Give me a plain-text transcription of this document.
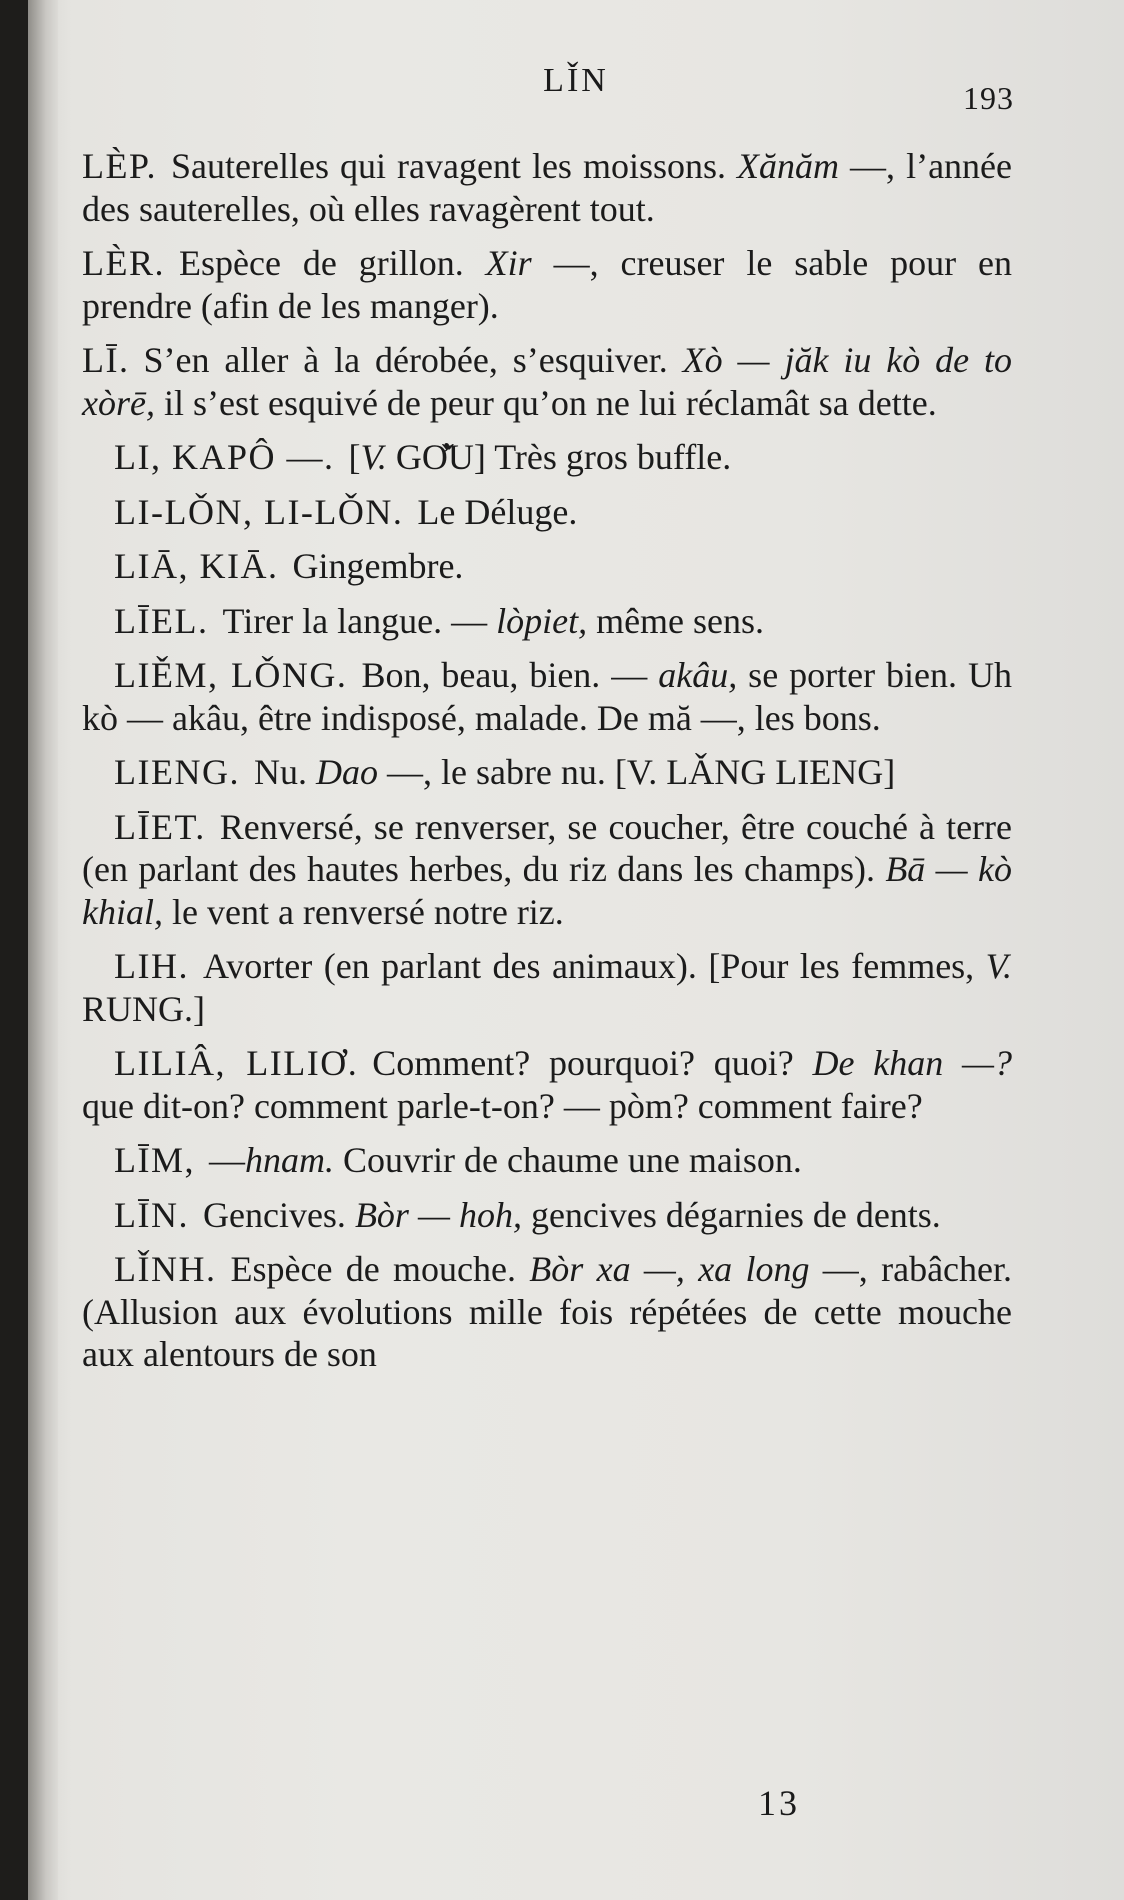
LǏN	193

LÈP. Sauterelles qui ravagent les moissons. Xănăm —, l’année des sauterelles, où elles ravagèrent tout.

LÈR. Espèce de grillon. Xir —, creuser le sable pour en prendre (afin de les manger).

LĪ. S’en aller à la dérobée, s’esquiver. Xò — jăk iu kò de to xòrē, il s’est esquivé de peur qu’on ne lui réclamât sa dette.

LI, KAPÔ —. [V. GƠ̌U] Très gros buffle.

LI-LǑN, LI-LǑN. Le Déluge.

LIĀ, KIĀ. Gingembre.

LĪEL. Tirer la langue. — lòpiet, même sens.

LIĚM, LǑNG. Bon, beau, bien. — akâu, se porter bien. Uh kò — akâu, être indisposé, malade. De mă —, les bons.

LIENG. Nu. Dao —, le sabre nu. [V. LǍNG LIENG]

LĪET. Renversé, se renverser, se coucher, être couché à terre (en parlant des hautes herbes, du riz dans les champs). Bā — kò khial, le vent a renversé notre riz.

LIH. Avorter (en parlant des animaux). [Pour les femmes, V. RUNG.]

LILIÂ, LILIƠ. Comment? pourquoi? quoi? De khan —? que dit-on? comment parle-t-on? — pòm? comment faire?

LĪM, —hnam. Couvrir de chaume une maison.

LĪN. Gencives. Bòr — hoh, gencives dégarnies de dents.

LǏNH. Espèce de mouche. Bòr xa —, xa long —, rabâcher. (Allusion aux évolutions mille fois répétées de cette mouche aux alentours de son

13
